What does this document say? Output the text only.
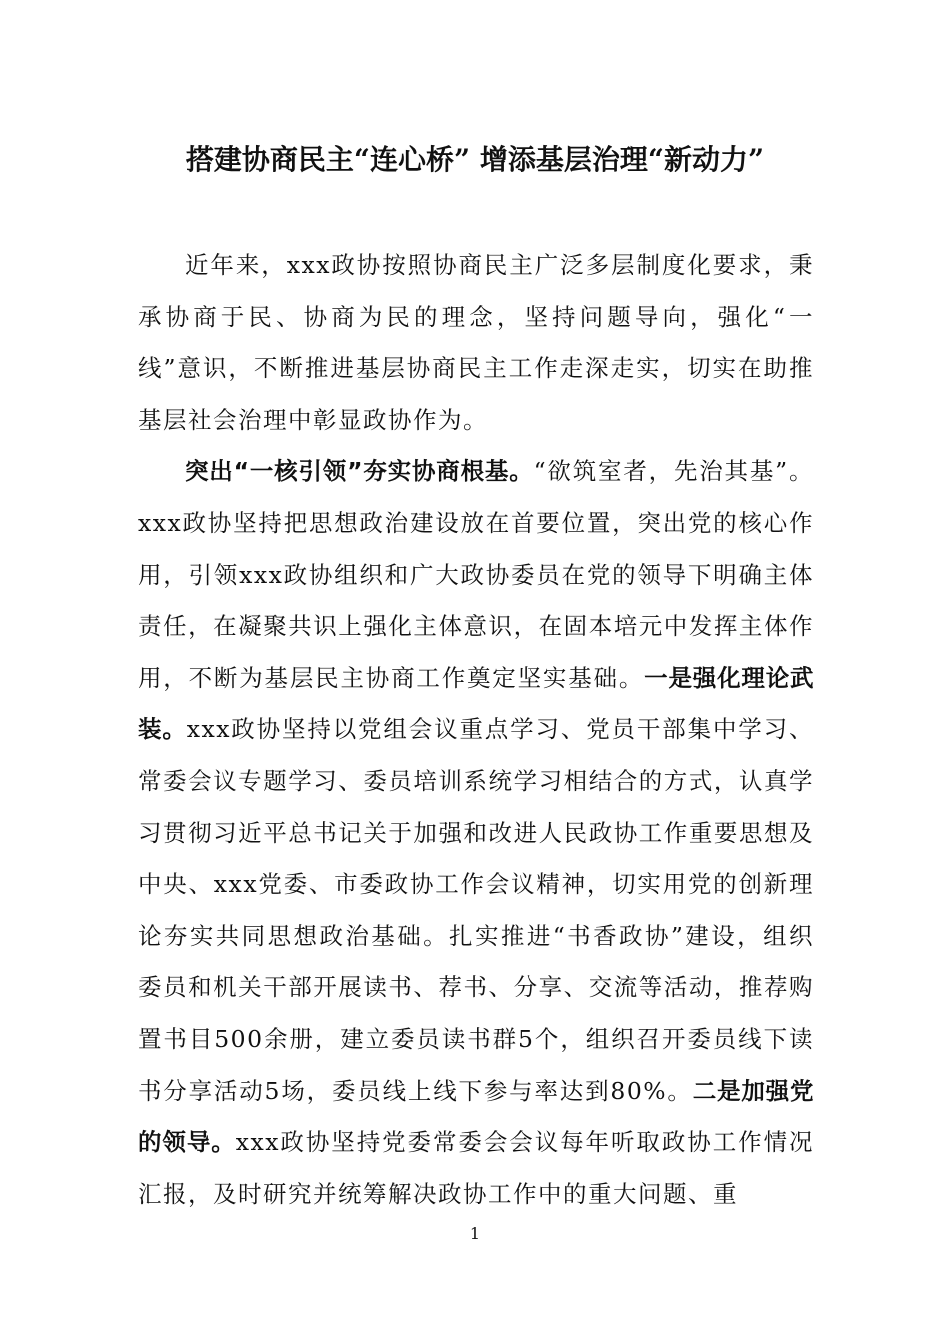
搭建协商民主“连心桥” 增添基层治理“新动力”

近年来，xxx政协按照协商民主广泛多层制度化要求，秉承协商于民、协商为民的理念，坚持问题导向，强化“一线”意识，不断推进基层协商民主工作走深走实，切实在助推基层社会治理中彰显政协作为。

突出“一核引领”夯实协商根基。“欲筑室者，先治其基”。xxx政协坚持把思想政治建设放在首要位置，突出党的核心作用，引领xxx政协组织和广大政协委员在党的领导下明确主体责任，在凝聚共识上强化主体意识，在固本培元中发挥主体作用，不断为基层民主协商工作奠定坚实基础。一是强化理论武装。xxx政协坚持以党组会议重点学习、党员干部集中学习、常委会议专题学习、委员培训系统学习相结合的方式，认真学习贯彻习近平总书记关于加强和改进人民政协工作重要思想及中央、xxx党委、市委政协工作会议精神，切实用党的创新理论夯实共同思想政治基础。扎实推进“书香政协”建设，组织委员和机关干部开展读书、荐书、分享、交流等活动，推荐购置书目500余册，建立委员读书群5个，组织召开委员线下读书分享活动5场，委员线上线下参与率达到80%。二是加强党的领导。xxx政协坚持党委常委会会议每年听取政协工作情况汇报，及时研究并统筹解决政协工作中的重大问题、重

1
